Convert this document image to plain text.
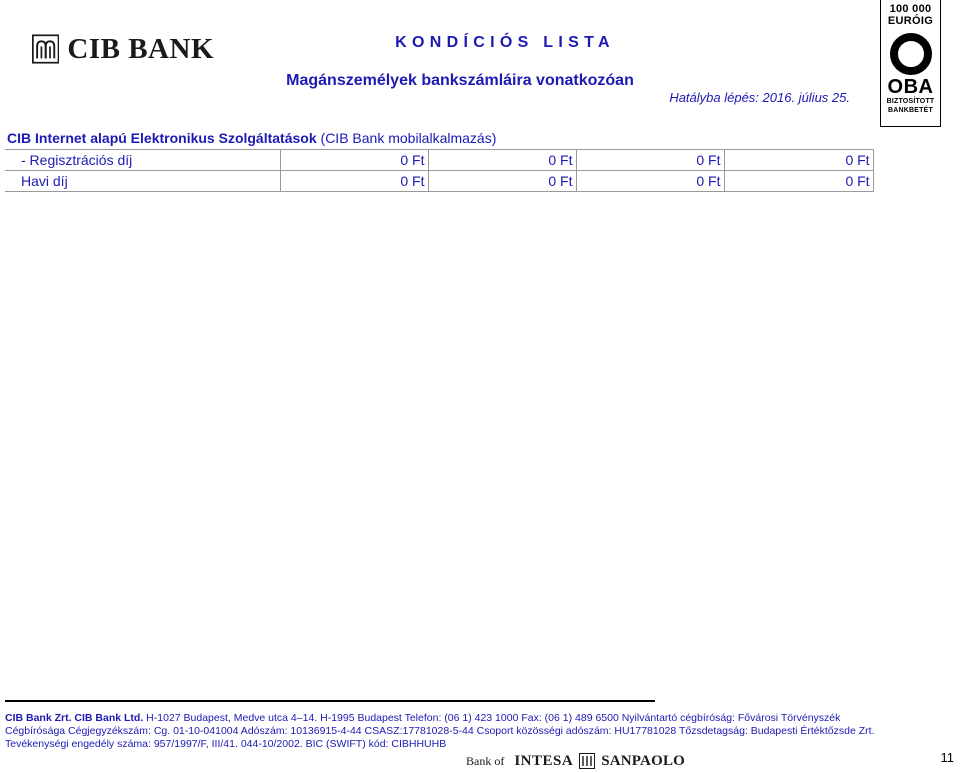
CIB BANK	KONDÍCIÓS LISTA
Magánszemélyek bankszámláira vonatkozóan
Hatályba lépés: 2016. július 25.
100 000
EURÓIG
OBA
BIZTOSÍTOTT
BANKBETÉT
CIB Internet alapú Elektronikus Szolgáltatások (CIB Bank mobilalkalmazás)				
- Regisztrációs díj	0 Ft	0 Ft	0 Ft	0 Ft
Havi díj	0 Ft	0 Ft	0 Ft	0 Ft
CIB Bank Zrt. CIB Bank Ltd. H-1027 Budapest, Medve utca 4–14. H-1995 Budapest Telefon: (06 1) 423 1000 Fax: (06 1) 489 6500 Nyilvántartó cégbíróság: Fővárosi Törvényszék
Cégbírósága Cégjegyzékszám: Cg. 01-10-041004 Adószám: 10136915-4-44 CSASZ:17781028-5-44 Csoport közösségi adószám: HU17781028 Tőzsdetagság: Budapesti Értéktőzsde Zrt.
Tevékenységi engedély száma: 957/1997/F, III/41. 044-10/2002. BIC (SWIFT) kód: CIBHHUHB
Bank of INTESA SANPAOLO	11
